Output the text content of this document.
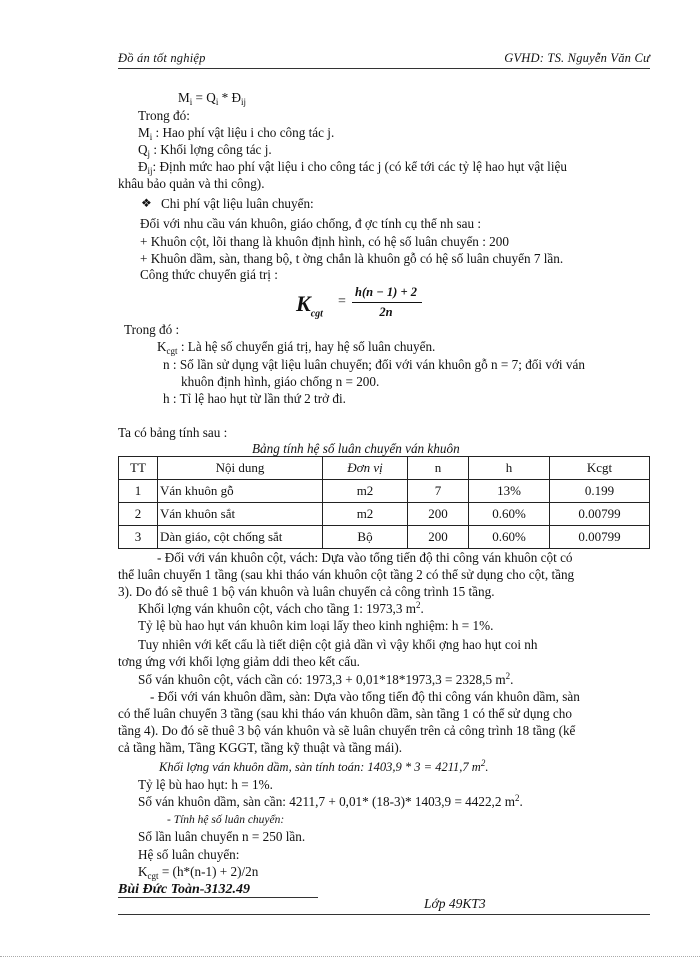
Đồ án tốt nghiệp	GVHD: TS. Nguyễn Văn Cư
$M_i = Q_i$ * $Đ_{ij}$
Trong đó:
$M_i$ : Hao phí vật liệu i cho công tác j.
$Q_j$ : Khối lợng công tác j.
$Đ_{ij}$: Định mức hao phí vật liệu i cho công tác j (có kể tới các tỷ lệ hao hụt vật liệu
khâu bảo quản và thi công).
❖ Chi phí vật liệu luân chuyển:
Đối với nhu cầu ván khuôn, giáo chống, đ ợc tính cụ thể nh sau :
+ Khuôn cột, lõi thang là khuôn định hình, có hệ số luân chuyển : 200
+ Khuôn dầm, sàn, thang bộ, t ờng chắn là khuôn gỗ có hệ số luân chuyển 7 lần.
Công thức chuyển giá trị :
$K_{cgt}$
=
h(n − 1) + 2
2n
Trong đó :
$K_{cgt}$ : Là hệ số chuyển giá trị, hay hệ số luân chuyển.
n : Số lần sử dụng vật liệu luân chuyển; đối với ván khuôn gỗ n = 7; đối với ván
khuôn định hình, giáo chống n = 200.
h : Tỉ lệ hao hụt từ lần thứ 2 trở đi.
Ta có bảng tính sau :
Bảng tính hệ số luân chuyển ván khuôn
TT	Nội dung	Đơn vị	n	h	Kcgt
1	Ván khuôn gỗ	m2	7	13%	0.199
2	Ván khuôn sắt	m2	200	0.60%	0.00799
3	Dàn giáo, cột chống sắt	Bộ	200	0.60%	0.00799
- Đối với ván khuôn cột, vách: Dựa vào tổng tiến độ thi công ván khuôn cột có
thể luân chuyển 1 tầng (sau khi tháo ván khuôn cột tầng 2 có thể sử dụng cho cột, tầng
3). Do đó sẽ thuê 1 bộ ván khuôn và luân chuyển cả công trình 15 tầng.
Khối lợng ván khuôn cột, vách cho tầng 1: 1973,3 $m^2$.
Tỷ lệ bù hao hụt ván khuôn kim loại lấy theo kinh nghiệm: h = 1%.
Tuy nhiên với kết cấu là tiết diện cột giả dần vì vậy khối ợng hao hụt coi nh
tơng ứng với khối lợng giảm ddi theo kết cấu.
Số ván khuôn cột, vách cần có: 1973,3 + 0,01*18*1973,3 = 2328,5 $m^2$.
- Đối với ván khuôn dầm, sàn: Dựa vào tổng tiến độ thi công ván khuôn dầm, sàn
có thể luân chuyển 3 tầng (sau khi tháo ván khuôn dầm, sàn tầng 1 có thể sử dụng cho
tầng 4). Do đó sẽ thuê 3 bộ ván khuôn và sẽ luân chuyển trên cả công trình 18 tầng (kể
cả tầng hầm, Tầng KGGT, tầng kỹ thuật và tầng mái).
Khối lợng ván khuôn dầm, sàn tính toán: 1403,9 * 3 = 4211,7 $m^2$.
Tỷ lệ bù hao hụt: h = 1%.
Số ván khuôn dầm, sàn cần: 4211,7 + 0,01* (18-3)* 1403,9 = 4422,2 $m^2$.
- Tính hệ số luân chuyển:
Số lần luân chuyển n = 250 lần.
Hệ số luân chuyển:
$K_{cgt} = (h*(n-1) + 2)/2n$
Bùi Đức Toàn-3132.49
Lớp 49KT3
